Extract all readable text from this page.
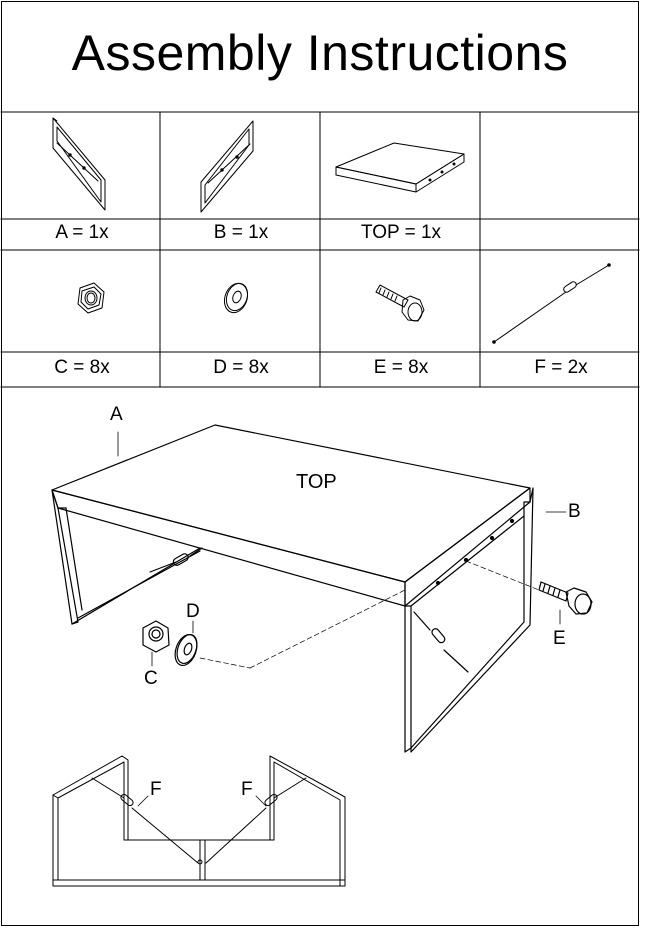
Assembly Instructions
A = 1x	B = 1x	TOP = 1x
C = 8x	D = 8x	E = 8x	F = 2x
A
TOP
B
D
C
E
F	F
